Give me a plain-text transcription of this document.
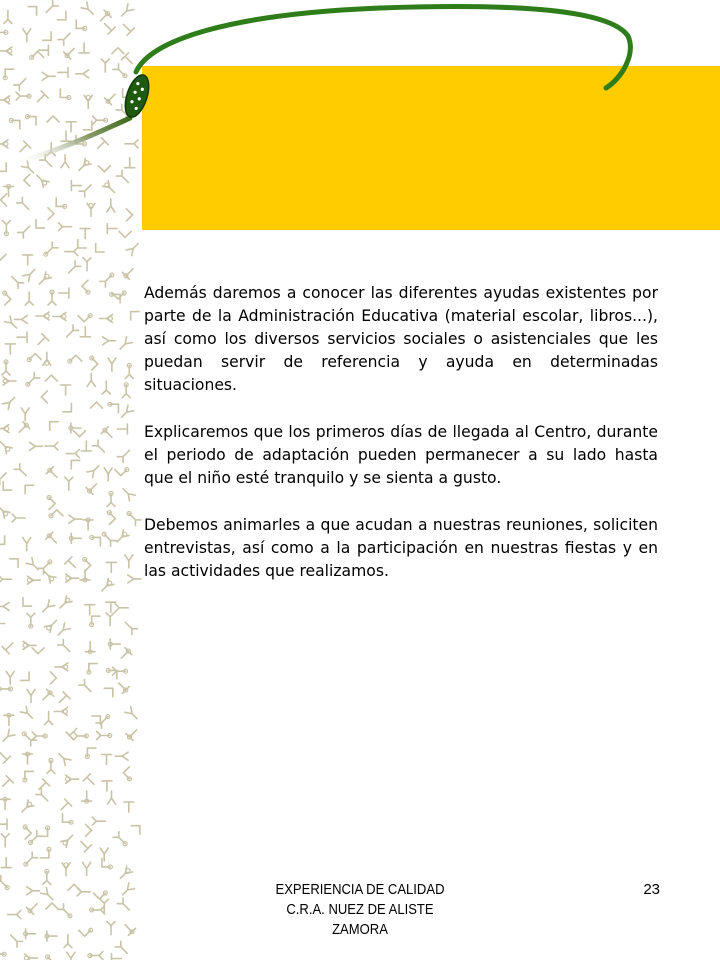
Además daremos a conocer las diferentes ayudas existentes por parte de la Administración Educativa (material escolar, libros...), así como los diversos servicios sociales o asistenciales que les puedan servir de referencia y ayuda en determinadas situaciones.

Explicaremos que los primeros días de llegada al Centro, durante el periodo de adaptación pueden permanecer a su lado hasta que el niño esté tranquilo y se sienta a gusto.

Debemos animarles a que acudan a nuestras reuniones, soliciten entrevistas, así como a la participación en nuestras fiestas y en las actividades que realizamos.

EXPERIENCIA DE CALIDAD
C.R.A. NUEZ DE ALISTE
ZAMORA
23
